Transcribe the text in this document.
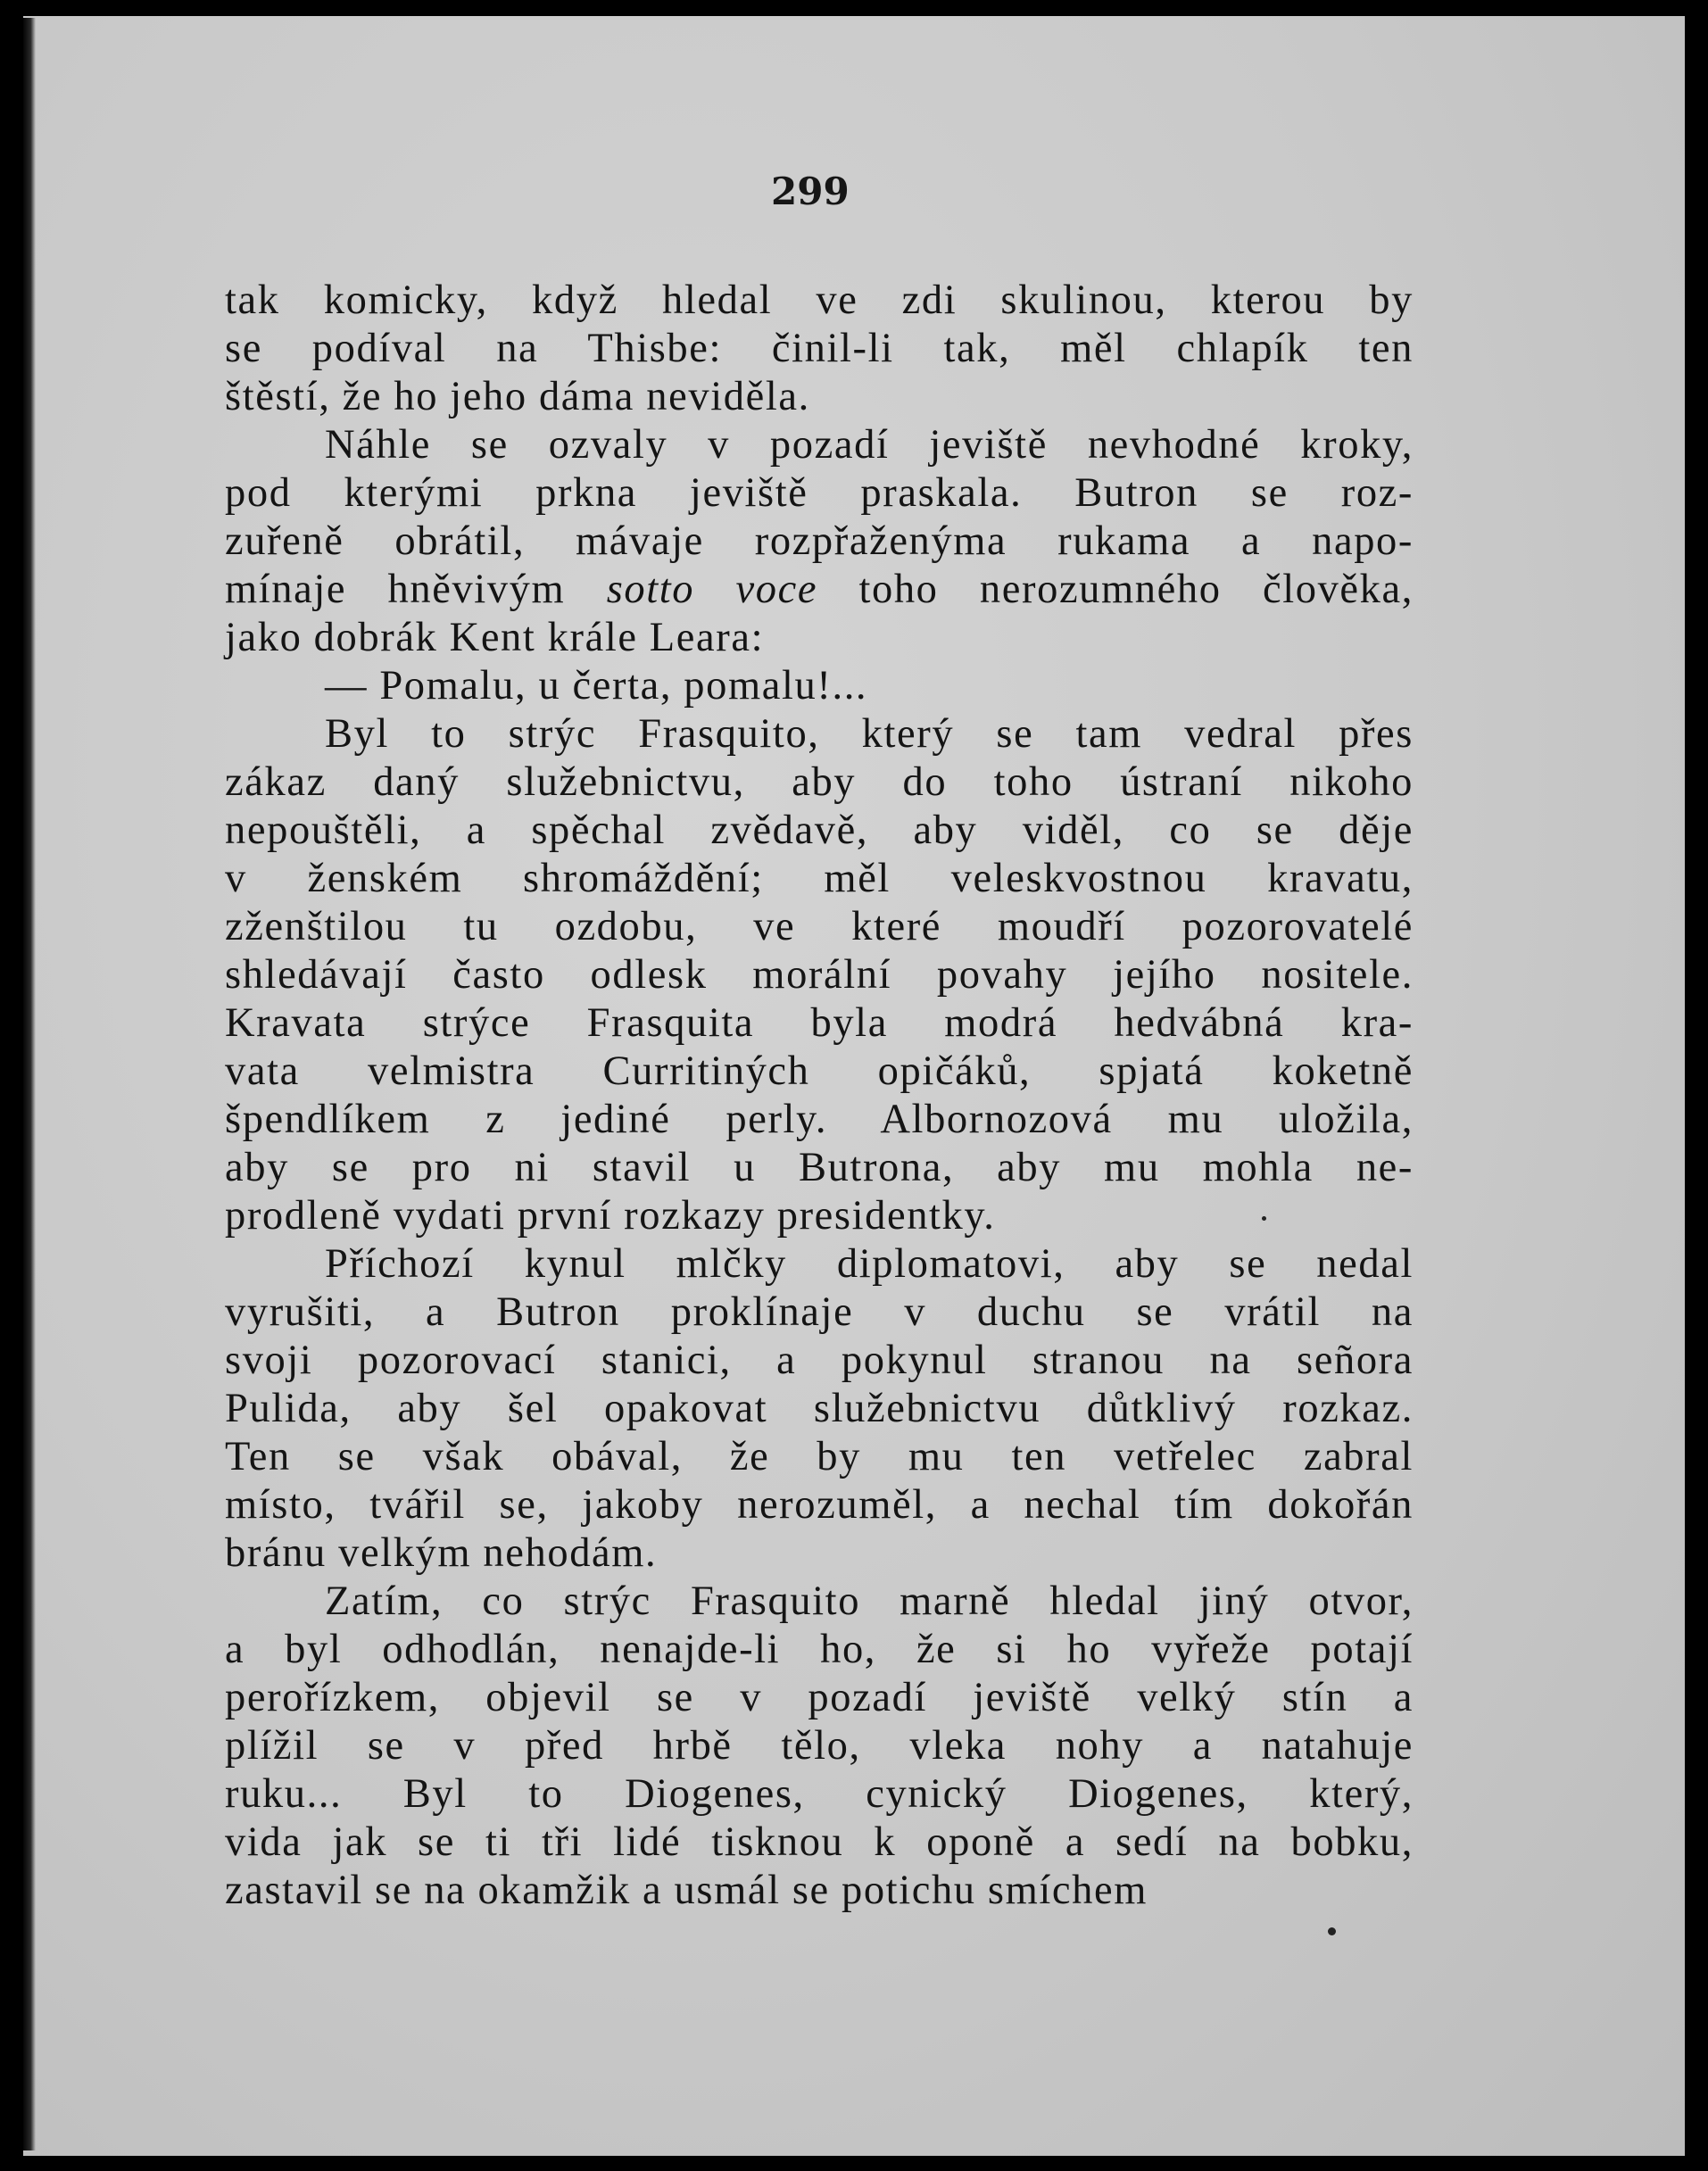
299
tak komicky, když hledal ve zdi skulinou, kterou by
se podíval na Thisbe: činil-li tak, měl chlapík ten
štěstí, že ho jeho dáma neviděla.
Náhle se ozvaly v pozadí jeviště nevhodné kroky,
pod kterými prkna jeviště praskala. Butron se roz-
zuřeně obrátil, mávaje rozpřaženýma rukama a napo-
mínaje hněvivým sotto voce toho nerozumného člověka,
jako dobrák Kent krále Leara:
— Pomalu, u čerta, pomalu!...
Byl to strýc Frasquito, který se tam vedral přes
zákaz daný služebnictvu, aby do toho ústraní nikoho
nepouštěli, a spěchal zvědavě, aby viděl, co se děje
v ženském shromáždění; měl veleskvostnou kravatu,
zženštilou tu ozdobu, ve které moudří pozorovatelé
shledávají často odlesk morální povahy jejího nositele.
Kravata strýce Frasquita byla modrá hedvábná kra-
vata velmistra Curritiných opičáků, spjatá koketně
špendlíkem z jediné perly. Albornozová mu uložila,
aby se pro ni stavil u Butrona, aby mu mohla ne-
prodleně vydati první rozkazy presidentky.
Příchozí kynul mlčky diplomatovi, aby se nedal
vyrušiti, a Butron proklínaje v duchu se vrátil na
svoji pozorovací stanici, a pokynul stranou na señora
Pulida, aby šel opakovat služebnictvu důtklivý rozkaz.
Ten se však obával, že by mu ten vetřelec zabral
místo, tvářil se, jakoby nerozuměl, a nechal tím dokořán
bránu velkým nehodám.
Zatím, co strýc Frasquito marně hledal jiný otvor,
a byl odhodlán, nenajde-li ho, že si ho vyřeže potají
perořízkem, objevil se v pozadí jeviště velký stín a
plížil se v před hrbě tělo, vleka nohy a natahuje
ruku... Byl to Diogenes, cynický Diogenes, který,
vida jak se ti tři lidé tisknou k oponě a sedí na bobku,
zastavil se na okamžik a usmál se potichu smíchem
